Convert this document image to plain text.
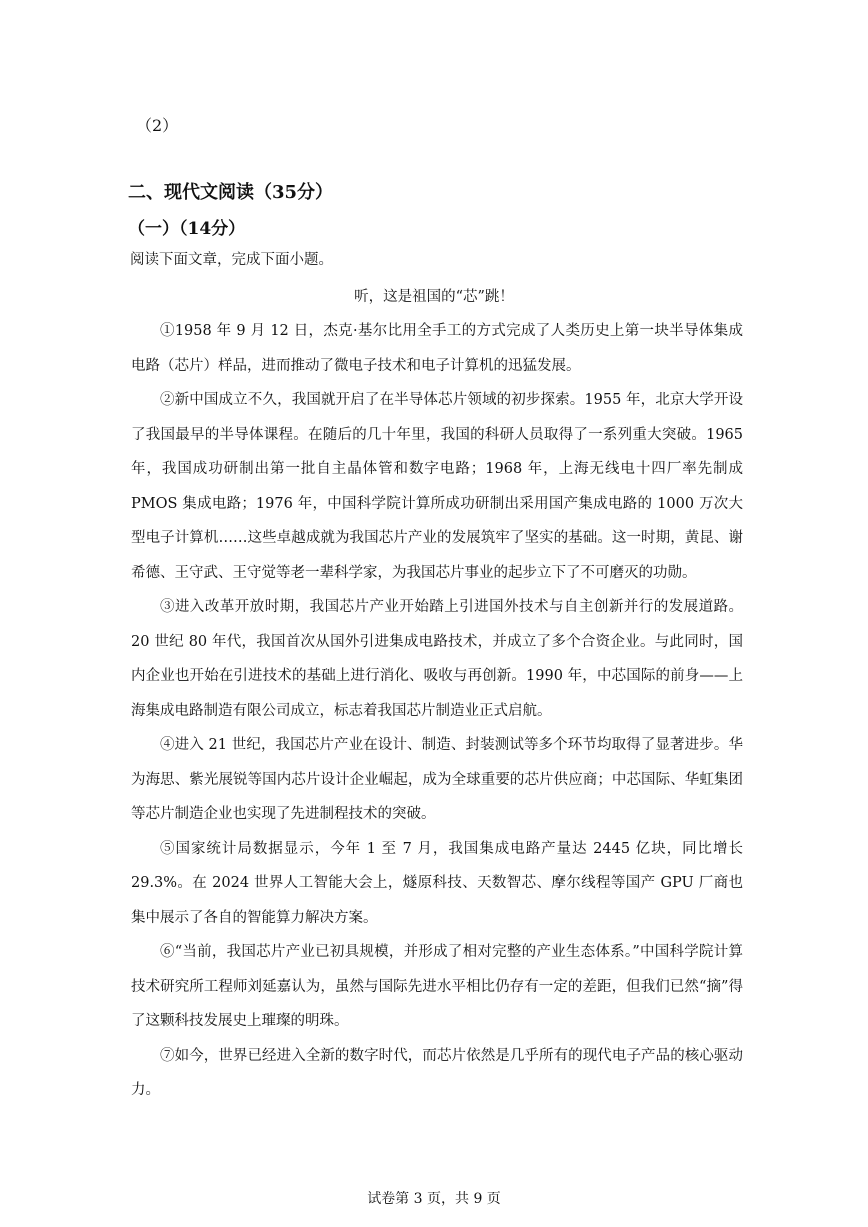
（2）
二、现代文阅读（35分）
（一）（14分）
阅读下面文章，完成下面小题。
听，这是祖国的“芯”跳！

①1958 年 9 月 12 日，杰克·基尔比用全手工的方式完成了人类历史上第一块半导体集成电路（芯片）样品，进而推动了微电子技术和电子计算机的迅猛发展。

②新中国成立不久，我国就开启了在半导体芯片领域的初步探索。1955 年，北京大学开设了我国最早的半导体课程。在随后的几十年里，我国的科研人员取得了一系列重大突破。1965 年，我国成功研制出第一批自主晶体管和数字电路；1968 年，上海无线电十四厂率先制成 PMOS 集成电路；1976 年，中国科学院计算所成功研制出采用国产集成电路的 1000 万次大型电子计算机……这些卓越成就为我国芯片产业的发展筑牢了坚实的基础。这一时期，黄昆、谢希德、王守武、王守觉等老一辈科学家，为我国芯片事业的起步立下了不可磨灭的功勋。

③进入改革开放时期，我国芯片产业开始踏上引进国外技术与自主创新并行的发展道路。20 世纪 80 年代，我国首次从国外引进集成电路技术，并成立了多个合资企业。与此同时，国内企业也开始在引进技术的基础上进行消化、吸收与再创新。1990 年，中芯国际的前身——上海集成电路制造有限公司成立，标志着我国芯片制造业正式启航。

④进入 21 世纪，我国芯片产业在设计、制造、封装测试等多个环节均取得了显著进步。华为海思、紫光展锐等国内芯片设计企业崛起，成为全球重要的芯片供应商；中芯国际、华虹集团等芯片制造企业也实现了先进制程技术的突破。

⑤国家统计局数据显示，今年 1 至 7 月，我国集成电路产量达 2445 亿块，同比增长 29.3%。在 2024 世界人工智能大会上，燧原科技、天数智芯、摩尔线程等国产 GPU 厂商也集中展示了各自的智能算力解决方案。

⑥“当前，我国芯片产业已初具规模，并形成了相对完整的产业生态体系。”中国科学院计算技术研究所工程师刘延嘉认为，虽然与国际先进水平相比仍存有一定的差距，但我们已然“摘”得了这颗科技发展史上璀璨的明珠。

⑦如今，世界已经进入全新的数字时代，而芯片依然是几乎所有的现代电子产品的核心驱动力。

试卷第 3 页，共 9 页
